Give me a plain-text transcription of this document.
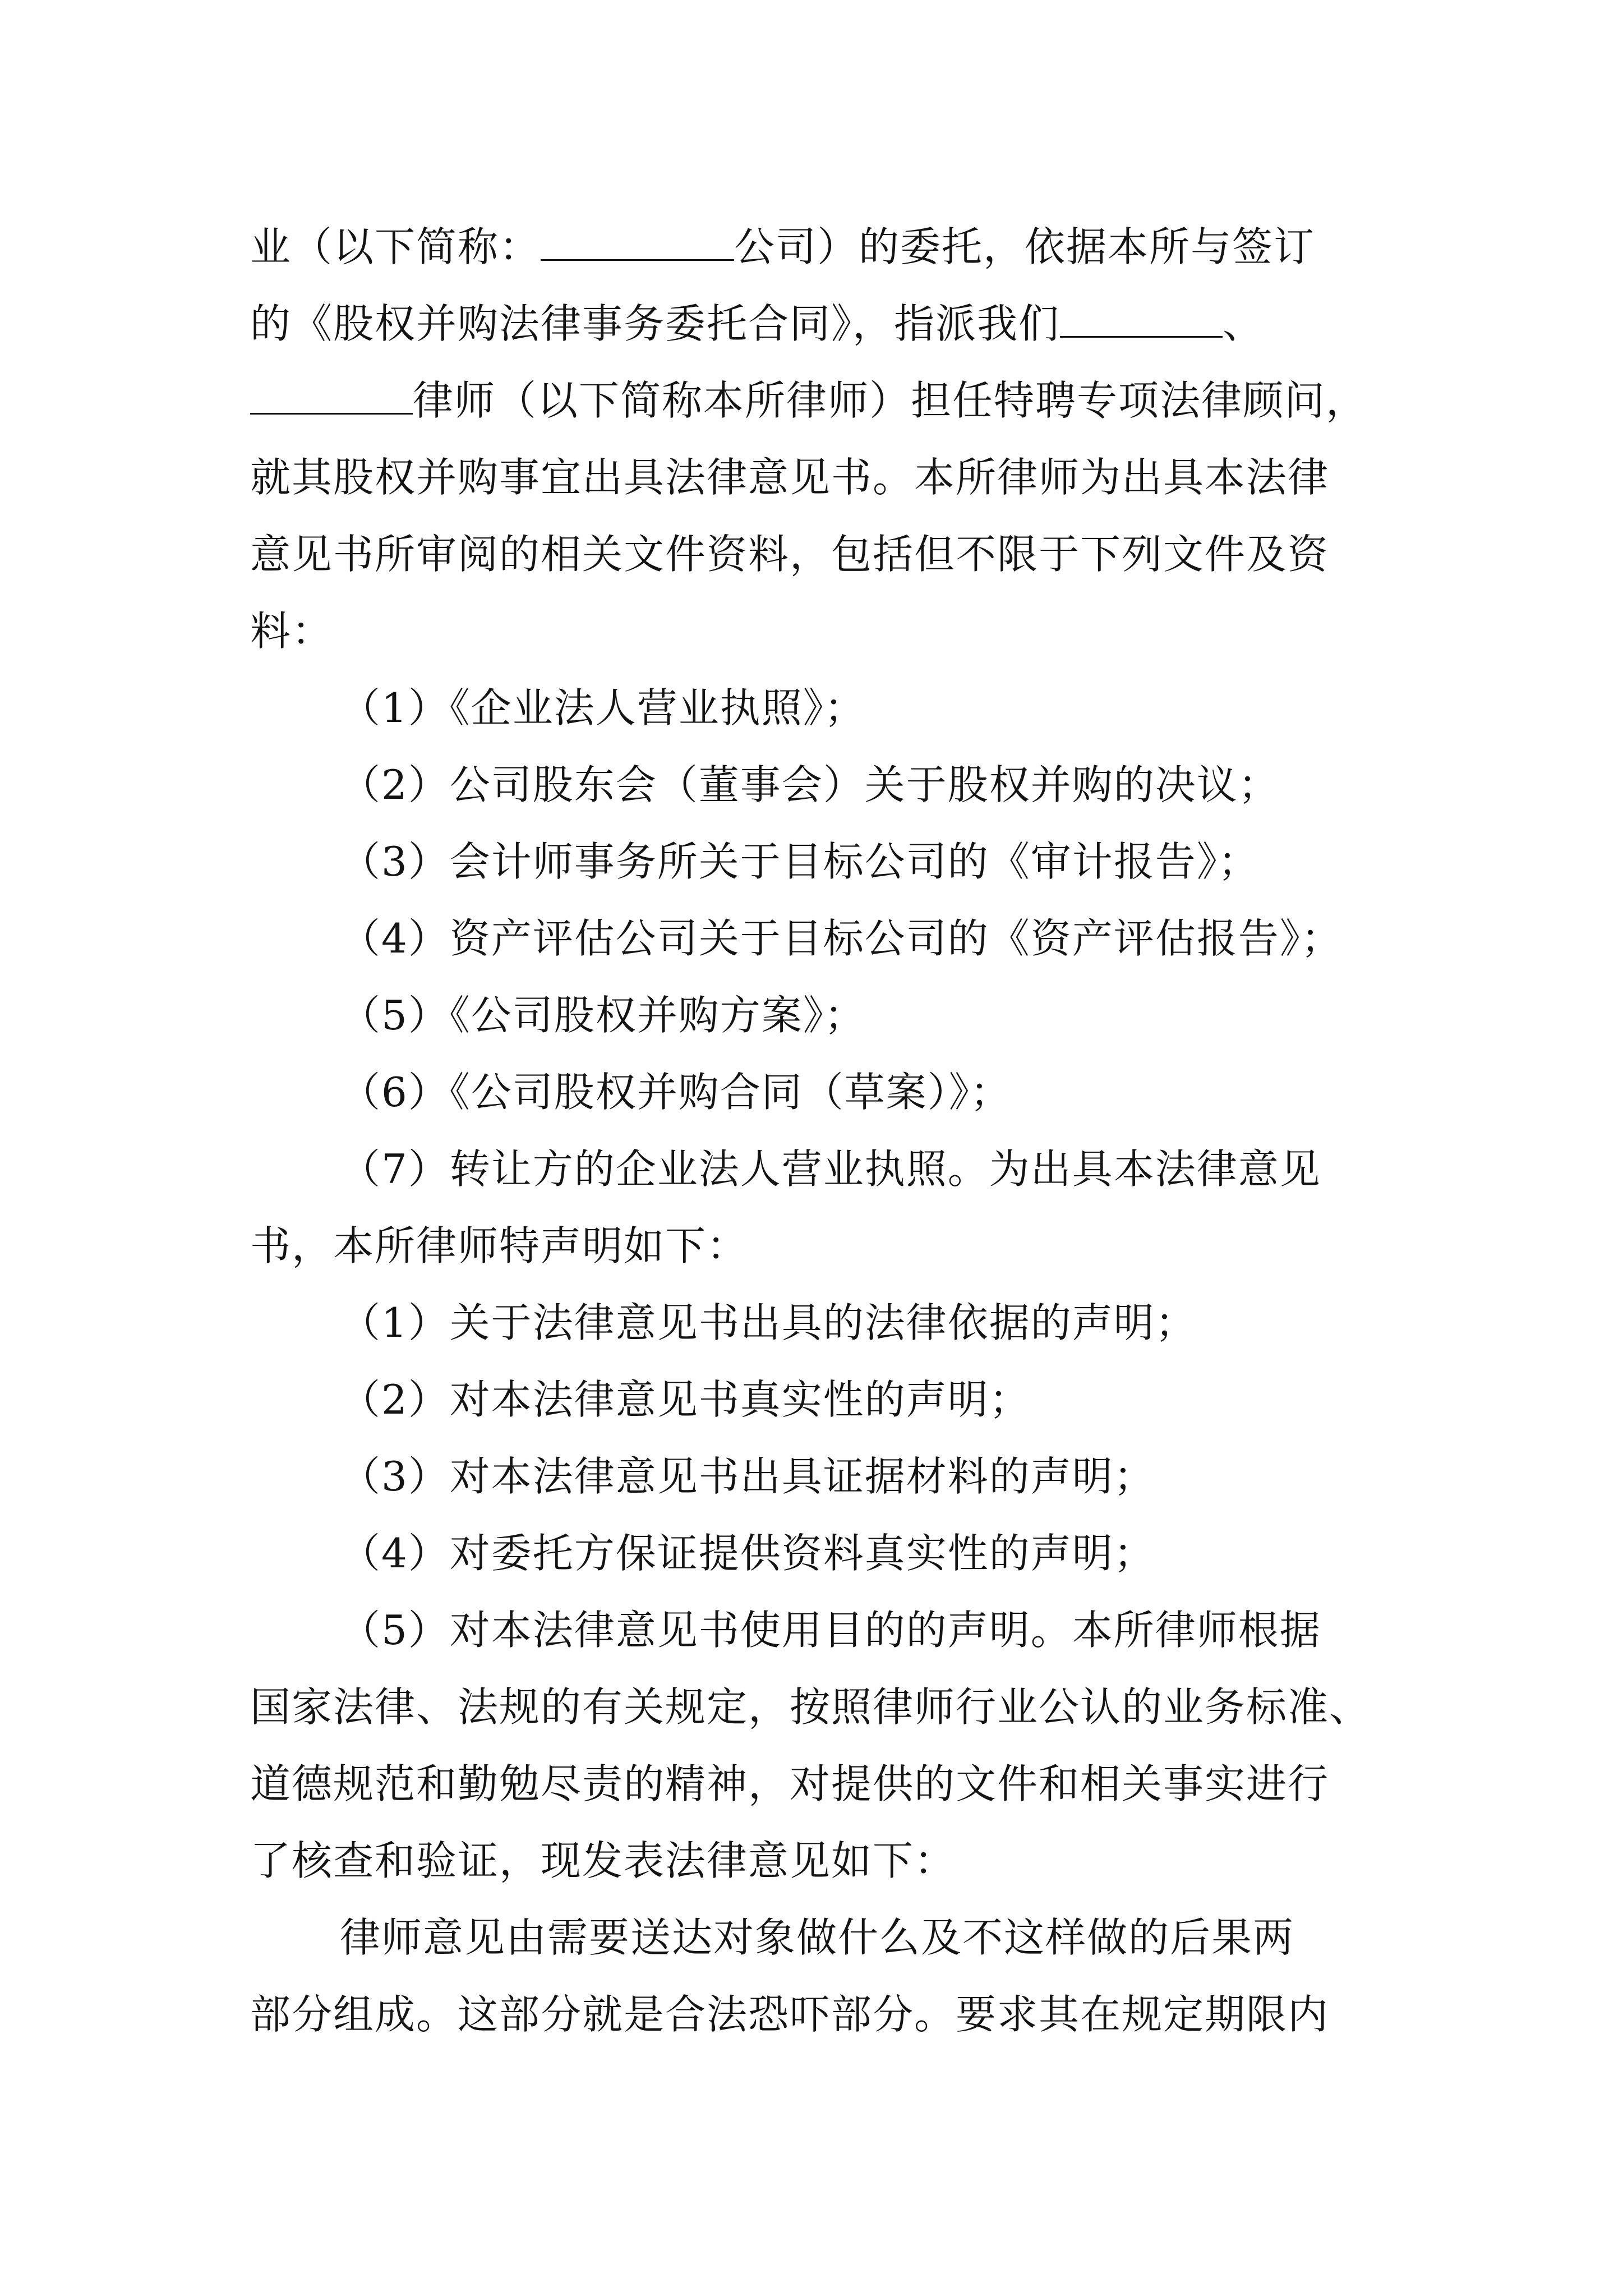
业（以下简称：	公司）的委托，依据本所与签订
的《股权并购法律事务委托合同》，指派我们	、
律师（以下简称本所律师）担任特聘专项法律顾问，
就其股权并购事宜出具法律意见书。本所律师为出具本法律
意见书所审阅的相关文件资料，包括但不限于下列文件及资
料：
（1）《企业法人营业执照》；
（2）公司股东会（董事会）关于股权并购的决议；
（3）会计师事务所关于目标公司的《审计报告》；
（4）资产评估公司关于目标公司的《资产评估报告》；
（5）《公司股权并购方案》；
（6）《公司股权并购合同（草案）》；
（7）转让方的企业法人营业执照。为出具本法律意见
书，本所律师特声明如下：
（1）关于法律意见书出具的法律依据的声明；
（2）对本法律意见书真实性的声明；
（3）对本法律意见书出具证据材料的声明；
（4）对委托方保证提供资料真实性的声明；
（5）对本法律意见书使用目的的声明。本所律师根据
国家法律、法规的有关规定，按照律师行业公认的业务标准、
道德规范和勤勉尽责的精神，对提供的文件和相关事实进行
了核查和验证，现发表法律意见如下：
律师意见由需要送达对象做什么及不这样做的后果两
部分组成。这部分就是合法恐吓部分。要求其在规定期限内
